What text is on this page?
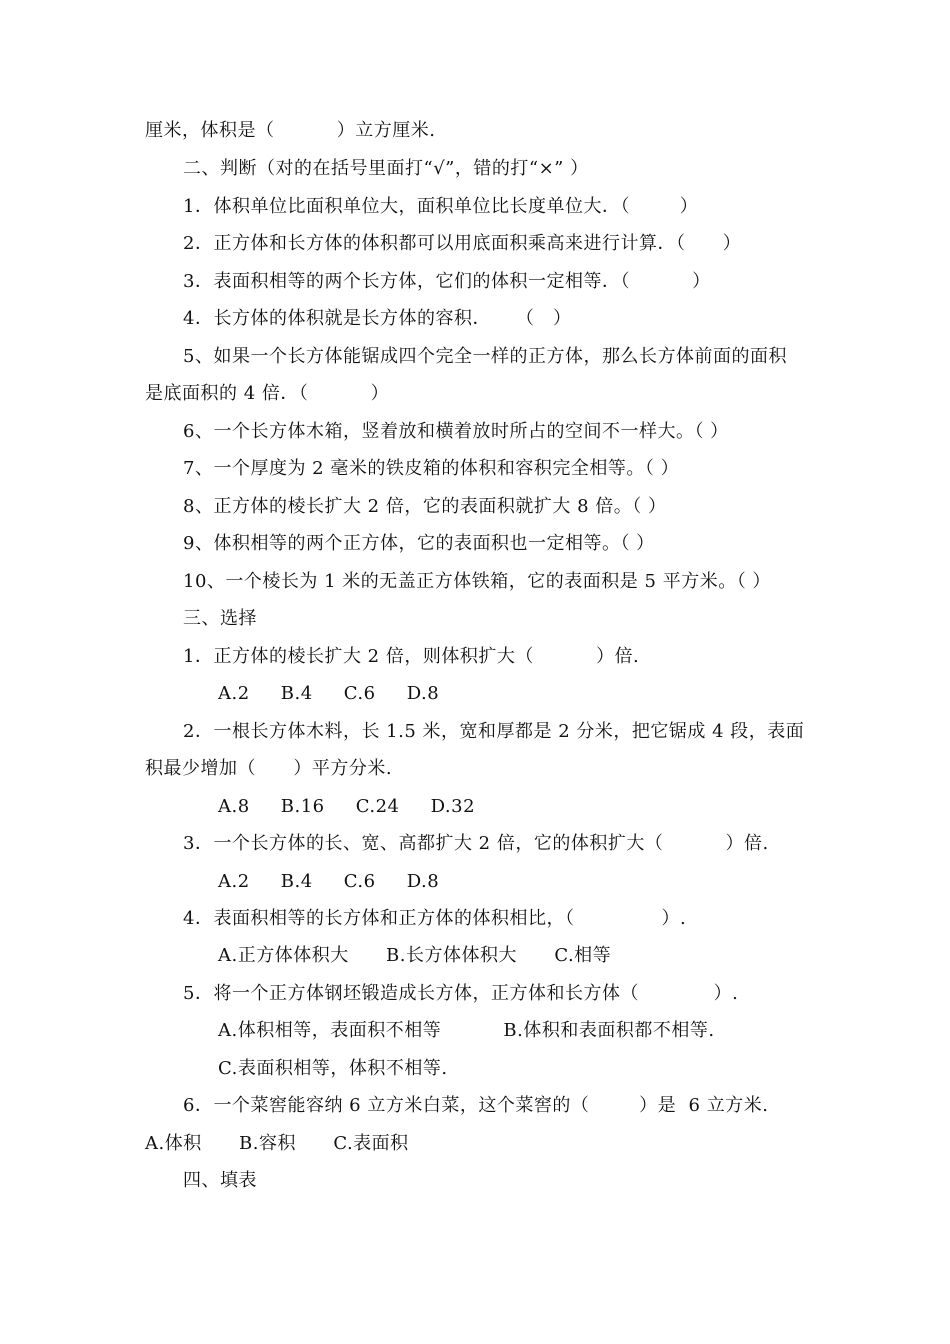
厘米，体积是（          ）立方厘米.
二、判断（对的在括号里面打“√”，错的打“×” ）
1．体积单位比面积单位大，面积单位比长度单位大．（        ）
2．正方体和长方体的体积都可以用底面积乘高来进行计算．（      ）
3．表面积相等的两个长方体，它们的体积一定相等．（          ）
4．长方体的体积就是长方体的容积．    （   ）
5、如果一个长方体能锯成四个完全一样的正方体，那么长方体前面的面积
是底面积的 4 倍．（          ）
6、一个长方体木箱，竖着放和横着放时所占的空间不一样大。（ ）
7、一个厚度为 2 毫米的铁皮箱的体积和容积完全相等。（ ）
8、正方体的棱长扩大 2 倍，它的表面积就扩大 8 倍。（ ）
9、体积相等的两个正方体，它的表面积也一定相等。（ ）
10、一个棱长为 1 米的无盖正方体铁箱，它的表面积是 5 平方米。（ ）
三、选择
1．正方体的棱长扩大 2 倍，则体积扩大（          ）倍.
A.2     B.4     C.6     D.8
2．一根长方体木料，长 1.5 米，宽和厚都是 2 分米，把它锯成 4 段，表面
积最少增加（      ）平方分米.
A.8     B.16     C.24     D.32
3．一个长方体的长、宽、高都扩大 2 倍，它的体积扩大（          ）倍.
A.2     B.4     C.6     D.8
4．表面积相等的长方体和正方体的体积相比，（              ）.
A.正方体体积大      B.长方体体积大      C.相等
5．将一个正方体钢坯锻造成长方体，正方体和长方体（            ）.
A.体积相等，表面积不相等          B.体积和表面积都不相等.
C.表面积相等，体积不相等.
6．一个菜窖能容纳 6 立方米白菜，这个菜窖的（        ）是  6 立方米.
A.体积      B.容积      C.表面积
四、填表
